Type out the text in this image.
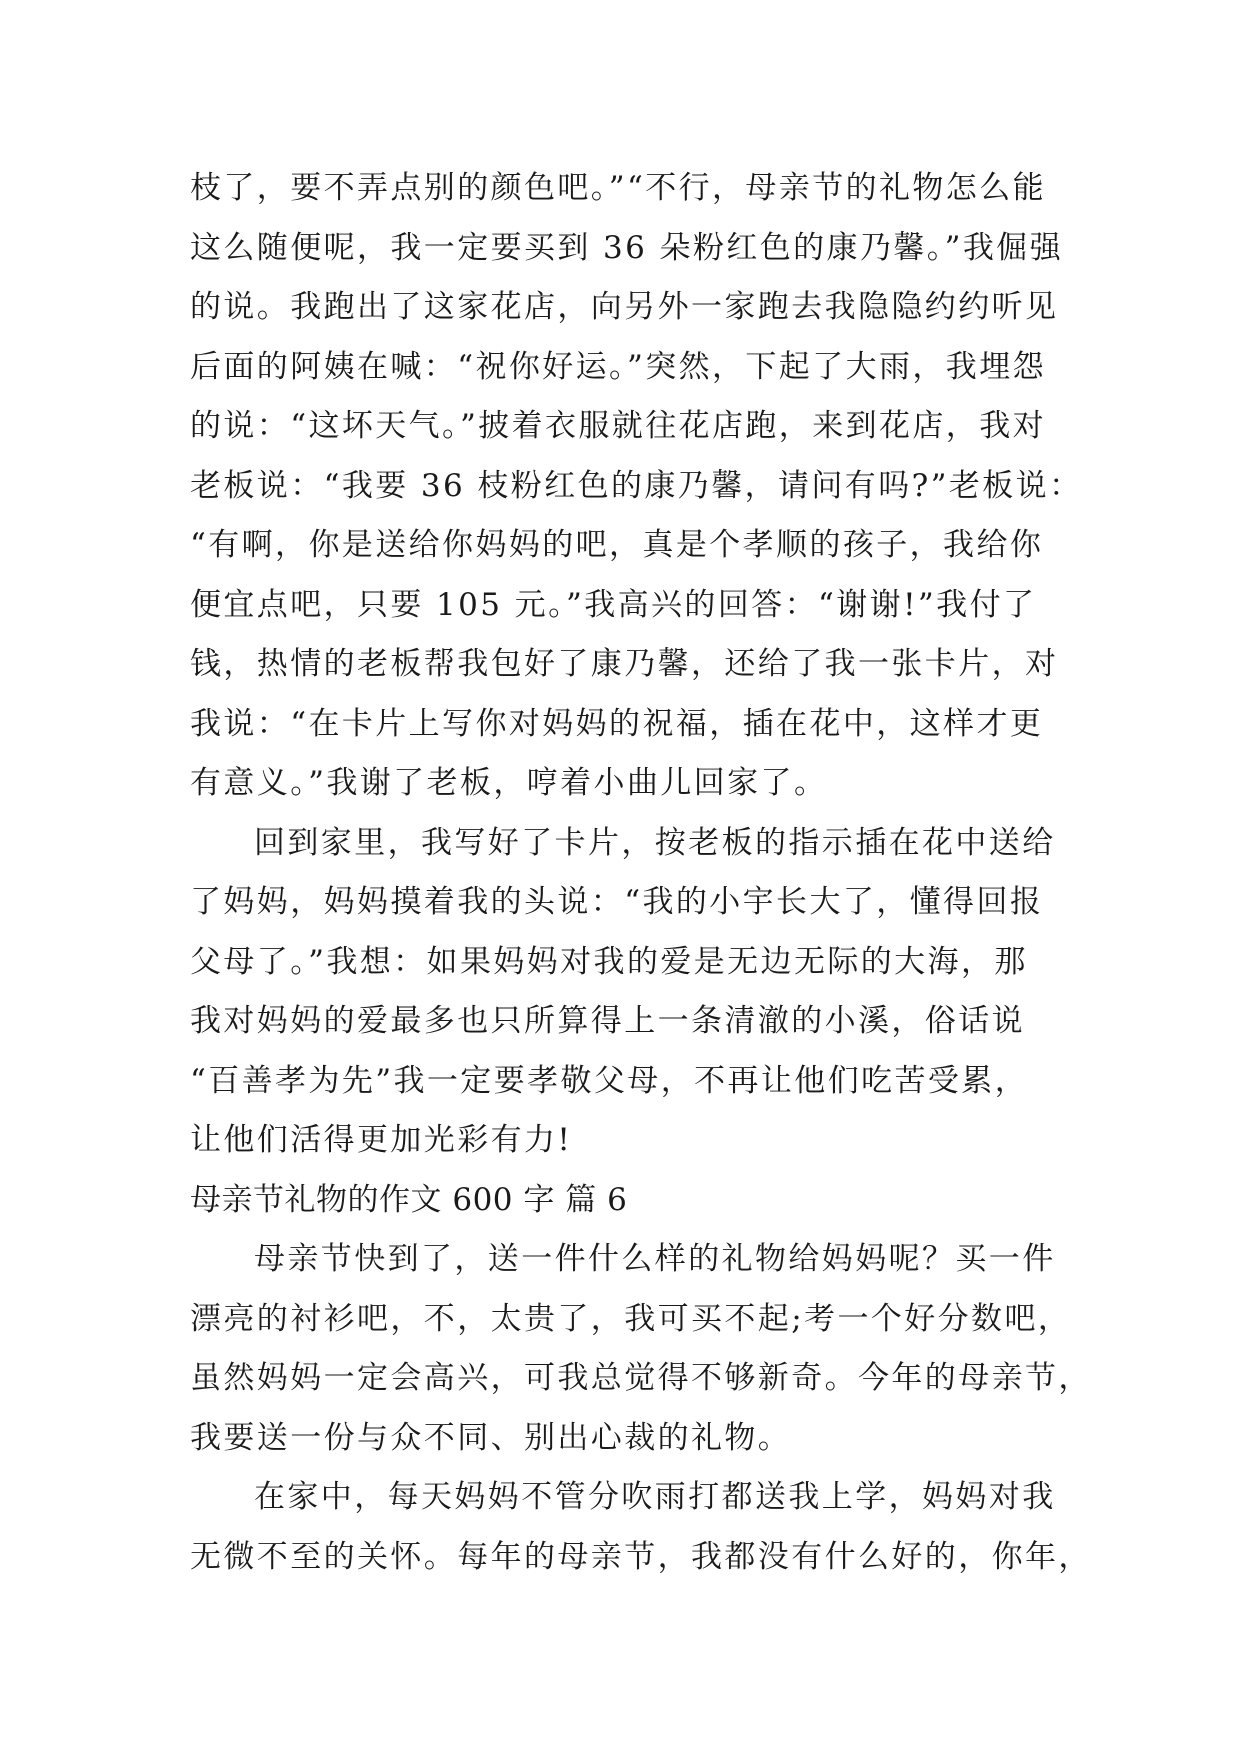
枝了，要不弄点别的颜色吧。”“不行，母亲节的礼物怎么能
这么随便呢，我一定要买到 36 朵粉红色的康乃馨。”我倔强
的说。我跑出了这家花店，向另外一家跑去我隐隐约约听见
后面的阿姨在喊：“祝你好运。”突然，下起了大雨，我埋怨
的说：“这坏天气。”披着衣服就往花店跑，来到花店，我对
老板说：“我要 36 枝粉红色的康乃馨，请问有吗?”老板说：
“有啊，你是送给你妈妈的吧，真是个孝顺的孩子，我给你
便宜点吧，只要 105 元。”我高兴的回答：“谢谢!”我付了
钱，热情的老板帮我包好了康乃馨，还给了我一张卡片，对
我说：“在卡片上写你对妈妈的祝福，插在花中，这样才更
有意义。”我谢了老板，哼着小曲儿回家了。
回到家里，我写好了卡片，按老板的指示插在花中送给
了妈妈，妈妈摸着我的头说：“我的小宇长大了，懂得回报
父母了。”我想：如果妈妈对我的爱是无边无际的大海，那
我对妈妈的爱最多也只所算得上一条清澈的小溪，俗话说
“百善孝为先”我一定要孝敬父母，不再让他们吃苦受累，
让他们活得更加光彩有力!
母亲节礼物的作文 600 字 篇 6
母亲节快到了，送一件什么样的礼物给妈妈呢？买一件
漂亮的衬衫吧，不，太贵了，我可买不起;考一个好分数吧，
虽然妈妈一定会高兴，可我总觉得不够新奇。今年的母亲节，
我要送一份与众不同、别出心裁的礼物。
在家中，每天妈妈不管分吹雨打都送我上学，妈妈对我
无微不至的关怀。每年的母亲节，我都没有什么好的，你年，
